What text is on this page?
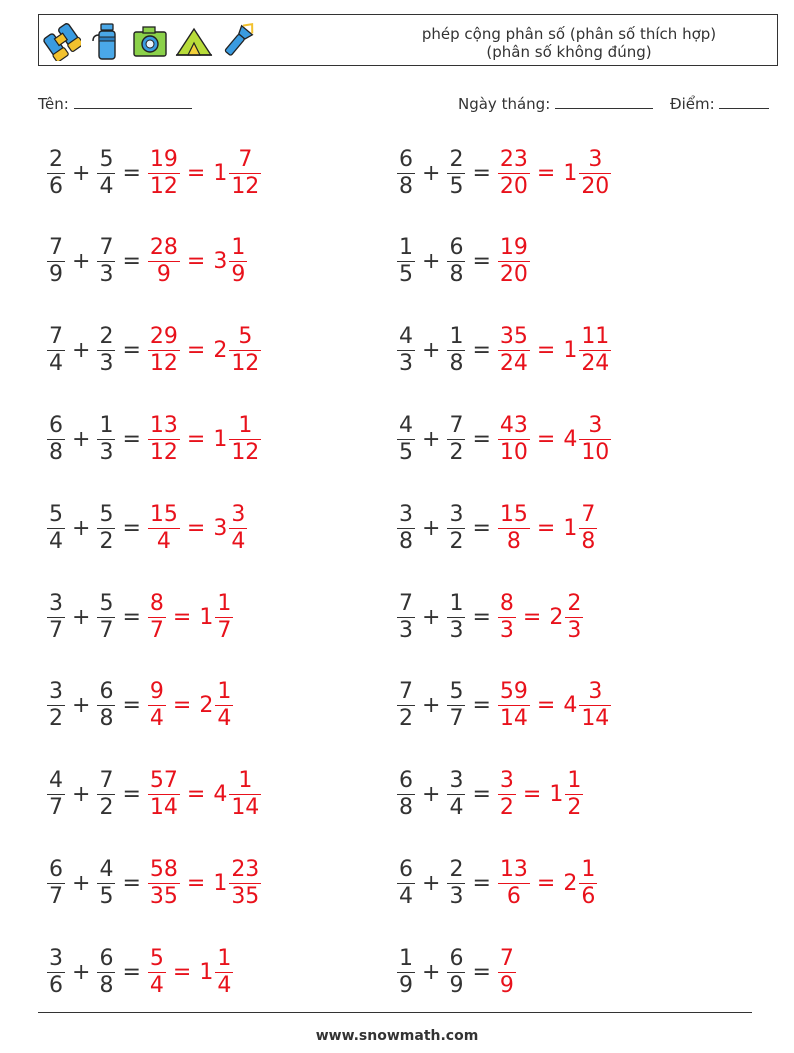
phép cộng phân số (phân số thích hợp)
(phân số không đúng)
Tên:	Ngày tháng:	Điểm:
$\frac{2}{6} + \frac{5}{4} = \frac{19}{12} = 1 \frac{7}{12}$	$\frac{6}{8} + \frac{2}{5} = \frac{23}{20} = 1 \frac{3}{20}$
$\frac{7}{9} + \frac{7}{3} = \frac{28}{9} = 3 \frac{1}{9}$	$\frac{1}{5} + \frac{6}{8} = \frac{19}{20}$
$\frac{7}{4} + \frac{2}{3} = \frac{29}{12} = 2 \frac{5}{12}$	$\frac{4}{3} + \frac{1}{8} = \frac{35}{24} = 1 \frac{11}{24}$
$\frac{6}{8} + \frac{1}{3} = \frac{13}{12} = 1 \frac{1}{12}$	$\frac{4}{5} + \frac{7}{2} = \frac{43}{10} = 4 \frac{3}{10}$
$\frac{5}{4} + \frac{5}{2} = \frac{15}{4} = 3 \frac{3}{4}$	$\frac{3}{8} + \frac{3}{2} = \frac{15}{8} = 1 \frac{7}{8}$
$\frac{3}{7} + \frac{5}{7} = \frac{8}{7} = 1 \frac{1}{7}$	$\frac{7}{3} + \frac{1}{3} = \frac{8}{3} = 2 \frac{2}{3}$
$\frac{3}{2} + \frac{6}{8} = \frac{9}{4} = 2 \frac{1}{4}$	$\frac{7}{2} + \frac{5}{7} = \frac{59}{14} = 4 \frac{3}{14}$
$\frac{4}{7} + \frac{7}{2} = \frac{57}{14} = 4 \frac{1}{14}$	$\frac{6}{8} + \frac{3}{4} = \frac{3}{2} = 1 \frac{1}{2}$
$\frac{6}{7} + \frac{4}{5} = \frac{58}{35} = 1 \frac{23}{35}$	$\frac{6}{4} + \frac{2}{3} = \frac{13}{6} = 2 \frac{1}{6}$
$\frac{3}{6} + \frac{6}{8} = \frac{5}{4} = 1 \frac{1}{4}$	$\frac{1}{9} + \frac{6}{9} = \frac{7}{9}$
www.snowmath.com
